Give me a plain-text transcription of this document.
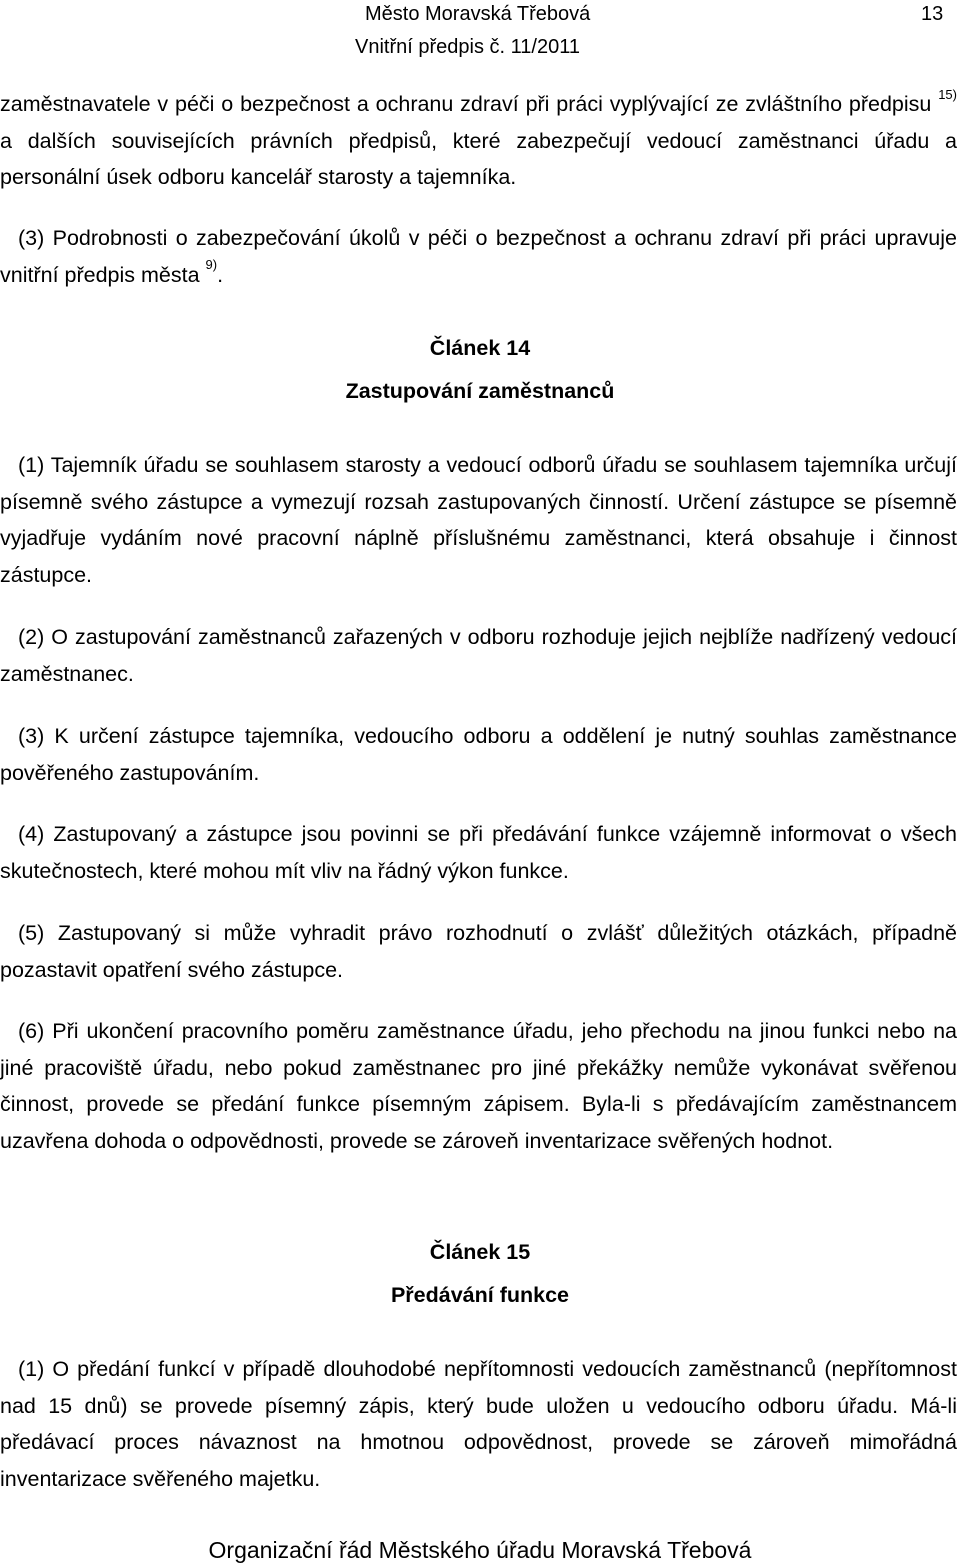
Město Moravská Třebová	13
Vnitřní předpis č. 11/2011

zaměstnavatele v péči o bezpečnost a ochranu zdraví při práci vyplývající ze zvláštního předpisu $^{15)}$ a dalších souvisejících právních předpisů, které zabezpečují vedoucí zaměstnanci úřadu a personální úsek odboru kancelář starosty a tajemníka.

(3) Podrobnosti o zabezpečování úkolů v péči o bezpečnost a ochranu zdraví při práci upravuje vnitřní předpis města $^{9)}$.

Článek 14

Zastupování zaměstnanců

(1) Tajemník úřadu se souhlasem starosty a vedoucí odborů úřadu se souhlasem tajemníka určují písemně svého zástupce a vymezují rozsah zastupovaných činností. Určení zástupce se písemně vyjadřuje vydáním nové pracovní náplně příslušnému zaměstnanci, která obsahuje i činnost zástupce.

(2) O zastupování zaměstnanců zařazených v odboru rozhoduje jejich nejblíže nadřízený vedoucí zaměstnanec.

(3) K určení zástupce tajemníka, vedoucího odboru a oddělení je nutný souhlas zaměstnance pověřeného zastupováním.

(4) Zastupovaný a zástupce jsou povinni se při předávání funkce vzájemně informovat o všech skutečnostech, které mohou mít vliv na řádný výkon funkce.

(5) Zastupovaný si může vyhradit právo rozhodnutí o zvlášť důležitých otázkách, případně pozastavit opatření svého zástupce.

(6) Při ukončení pracovního poměru zaměstnance úřadu, jeho přechodu na jinou funkci nebo na jiné pracoviště úřadu, nebo pokud zaměstnanec pro jiné překážky nemůže vykonávat svěřenou činnost, provede se předání funkce písemným zápisem. Byla-li s předávajícím zaměstnancem uzavřena dohoda o odpovědnosti, provede se zároveň inventarizace svěřených hodnot.

Článek 15

Předávání funkce

(1) O předání funkcí v případě dlouhodobé nepřítomnosti vedoucích zaměstnanců (nepřítomnost nad 15 dnů) se provede písemný zápis, který bude uložen u vedoucího odboru úřadu. Má-li předávací proces návaznost na hmotnou odpovědnost, provede se zároveň mimořádná inventarizace svěřeného majetku.

Organizační řád Městského úřadu Moravská Třebová
